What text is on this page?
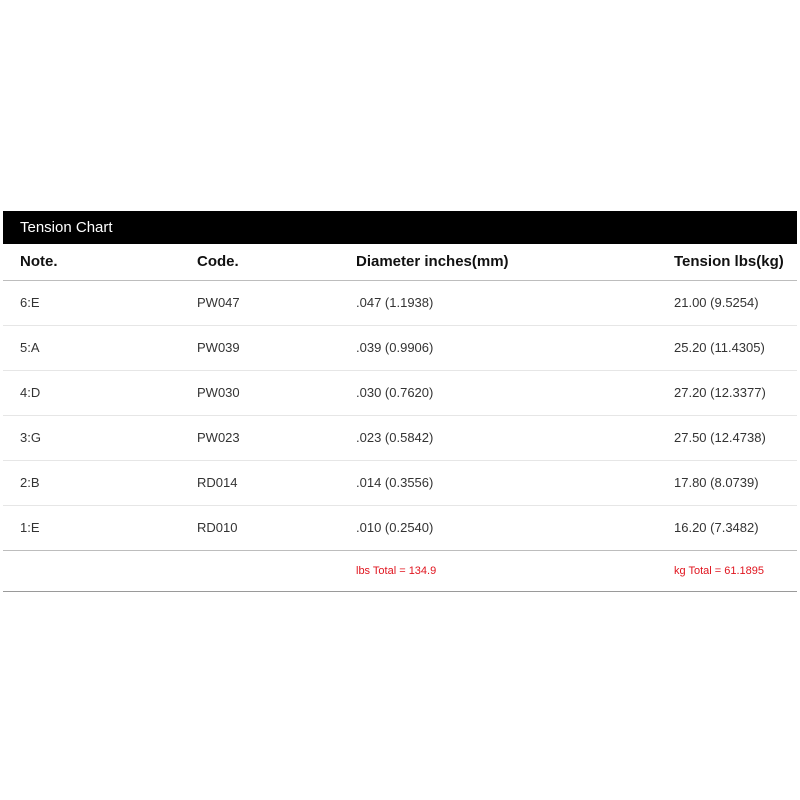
Tension Chart
Note.	Code.	Diameter inches(mm)	Tension lbs(kg)
6:E	PW047	.047 (1.1938)	21.00 (9.5254)
5:A	PW039	.039 (0.9906)	25.20 (11.4305)
4:D	PW030	.030 (0.7620)	27.20 (12.3377)
3:G	PW023	.023 (0.5842)	27.50 (12.4738)
2:B	RD014	.014 (0.3556)	17.80 (8.0739)
1:E	RD010	.010 (0.2540)	16.20 (7.3482)
		lbs Total = 134.9	kg Total = 61.1895
